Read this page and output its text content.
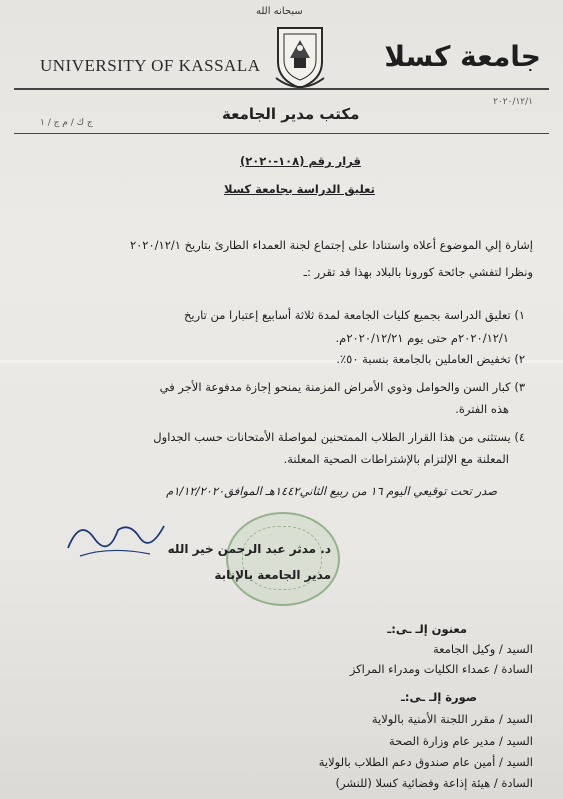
سبحانه الله
UNIVERSITY OF KASSALA	جامعة كسلا
٢٠٢٠/١٢/١
مكتب مدير الجامعة
ج ك / م ج / ١
قرار رقم (١٠٨-٢٠٢٠)
تعليق الدراسة بجامعة كسلا
إشارة إلي الموضوع أعلاه واستنادا على إجتماع لجنة العمداء الطارئ بتاريخ ٢٠٢٠/١٢/١
ونظرا لتفشي جائحة كورونا بالبلاد بهذا قد تقرر :ـ
١) تعليق الدراسة بجميع كليات الجامعة لمدة ثلاثة أسابيع إعتبارا من تاريخ
٢٠٢٠/١٢/١م حتى يوم ٢٠٢٠/١٢/٢١م.
٢) تخفيض العاملين بالجامعة بنسبة ٥٠٪.
٣) كبار السن والحوامل وذوي الأمراض المزمنة يمنحو إجازة مدفوعة الأجر في
هذه الفترة.
٤) يستثنى من هذا القرار الطلاب الممتحنين لمواصلة الأمتحانات حسب الجداول
المعلنة مع الإلتزام بالإشتراطات الصحية المعلنة.
صدر تحت توقيعي اليوم ١٦ من ربيع الثاني١٤٤٢هـ الموافق١/١٢/٢٠٢٠م
د. مدثر عبد الرحمن خير الله
مدير الجامعة بالإنابة
معنون إلـ ـى:ـ
السيد / وكيل الجامعة
السادة / عمداء الكليات ومدراء المراكز
صورة إلـ ـى:ـ
السيد / مقرر اللجنة الأمنية بالولاية
السيد / مدير عام وزارة الصحة
السيد / أمين عام صندوق دعم الطلاب بالولاية
السادة / هيئة إذاعة وفضائية كسلا (للنشر)
